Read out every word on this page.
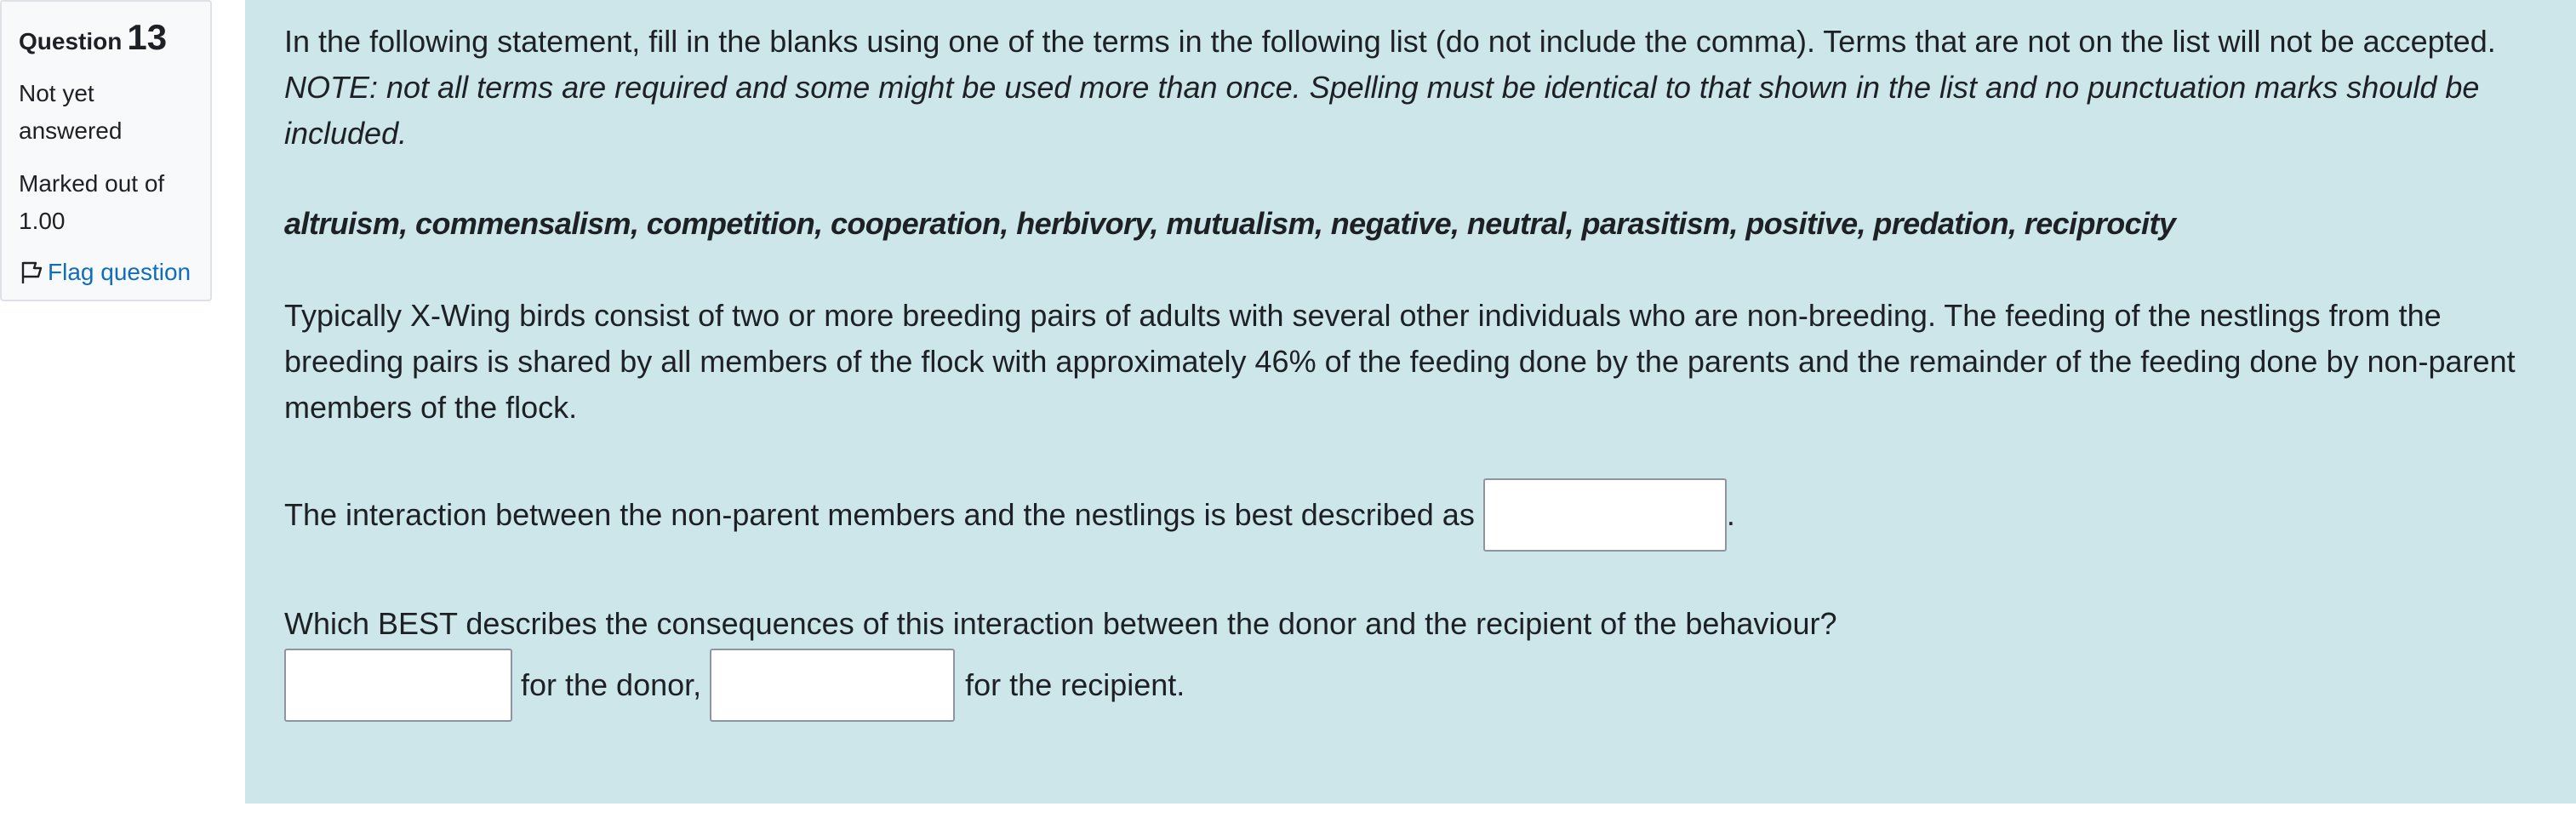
Question 13

Not yet answered

Marked out of 1.00

Flag question

In the following statement, fill in the blanks using one of the terms in the following list (do not include the comma). Terms that are not on the list will not be accepted.

NOTE: not all terms are required and some might be used more than once. Spelling must be identical to that shown in the list and no punctuation marks should be included.

altruism, commensalism, competition, cooperation, herbivory, mutualism, negative, neutral, parasitism, positive, predation, reciprocity

Typically X-Wing birds consist of two or more breeding pairs of adults with several other individuals who are non-breeding. The feeding of the nestlings from the breeding pairs is shared by all members of the flock with approximately 46% of the feeding done by the parents and the remainder of the feeding done by non-parent members of the flock.

The interaction between the non-parent members and the nestlings is best described as	.

Which BEST describes the consequences of this interaction between the donor and the recipient of the behaviour?

for the donor,	for the recipient.
